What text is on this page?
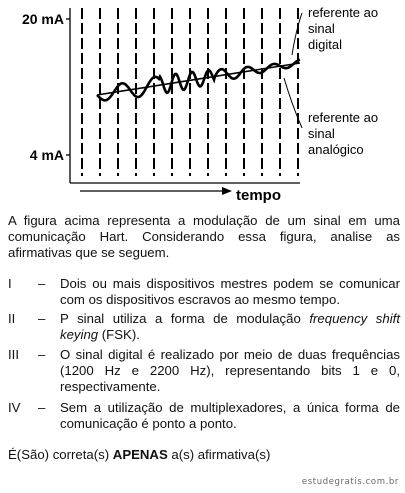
20 mA
4 mA
tempo
referente ao
sinal
digital
referente ao
sinal
analógico
A figura acima representa a modulação de um sinal em uma comunicação Hart. Considerando essa figura, analise as afirmativas que se seguem.
I – Dois ou mais dispositivos mestres podem se comunicar com os dispositivos escravos ao mesmo tempo.
II – P sinal utiliza a forma de modulação frequency shift keying (FSK).
III – O sinal digital é realizado por meio de duas frequências (1200 Hz e 2200 Hz), representando bits 1 e 0, respectivamente.
IV – Sem a utilização de multiplexadores, a única forma de comunicação é ponto a ponto.
É(São) correta(s) APENAS a(s) afirmativa(s)
estudegratis.com.br
